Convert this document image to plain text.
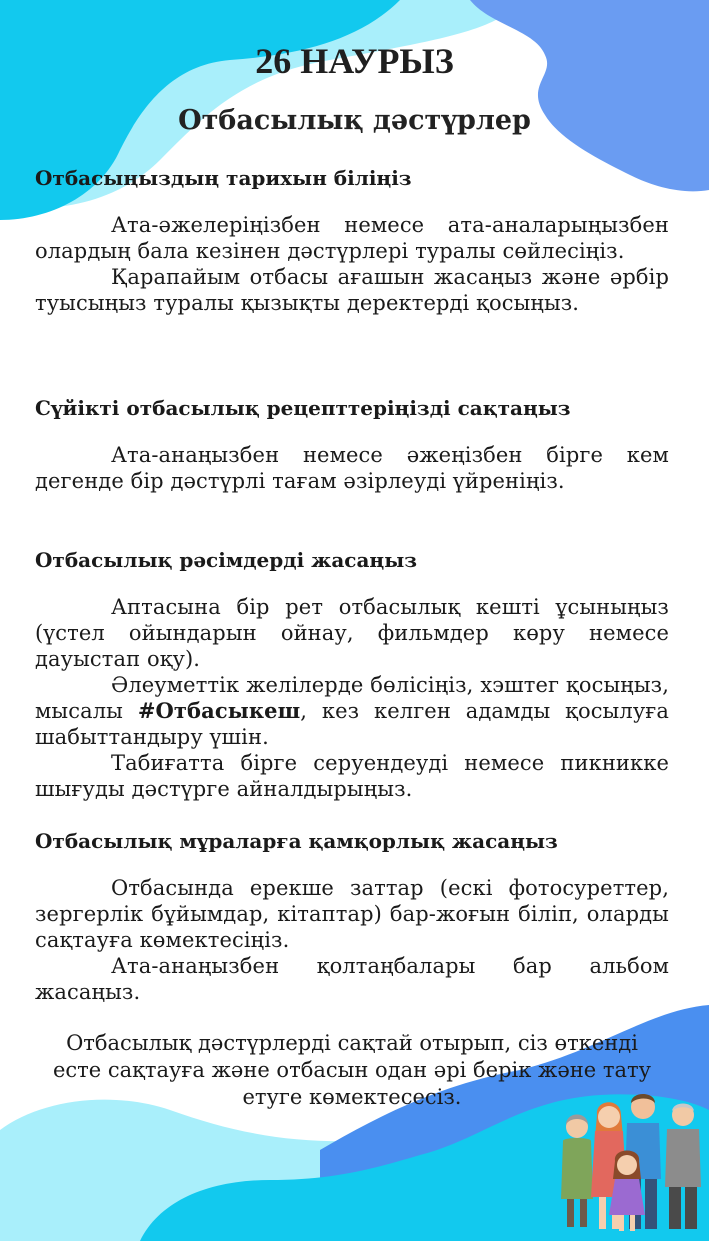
26 НАУРЫЗ
Отбасылық дәстүрлер
Отбасыңыздың тарихын біліңіз

Ата-әжелеріңізбен немесе ата-аналарыңызбен олардың бала кезінен дәстүрлері туралы сөйлесіңіз.

Қарапайым отбасы ағашын жасаңыз және әрбір туысыңыз туралы қызықты деректерді қосыңыз.

Сүйікті отбасылық рецепттеріңізді сақтаңыз

Ата-анаңызбен немесе әжеңізбен бірге кем дегенде бір дәстүрлі тағам әзірлеуді үйреніңіз.

Отбасылық рәсімдерді жасаңыз

Аптасына бір рет отбасылық кешті ұсыныңыз (үстел ойындарын ойнау, фильмдер көру немесе дауыстап оқу).

Әлеуметтік желілерде бөлісіңіз, хэштег қосыңыз, мысалы #Отбасыкеш, кез келген адамды қосылуға шабыттандыру үшін.

Табиғатта бірге серуендеуді немесе пикникке шығуды дәстүрге айналдырыңыз.

Отбасылық мұраларға қамқорлық жасаңыз

Отбасында ерекше заттар (ескі фотосуреттер, зергерлік бұйымдар, кітаптар) бар-жоғын біліп, оларды сақтауға көмектесіңіз.

Ата-анаңызбен қолтаңбалары бар альбом жасаңыз.

Отбасылық дәстүрлерді сақтай отырып, сіз өткенді есте сақтауға және отбасын одан әрі берік және тату етуге көмектесесіз.
